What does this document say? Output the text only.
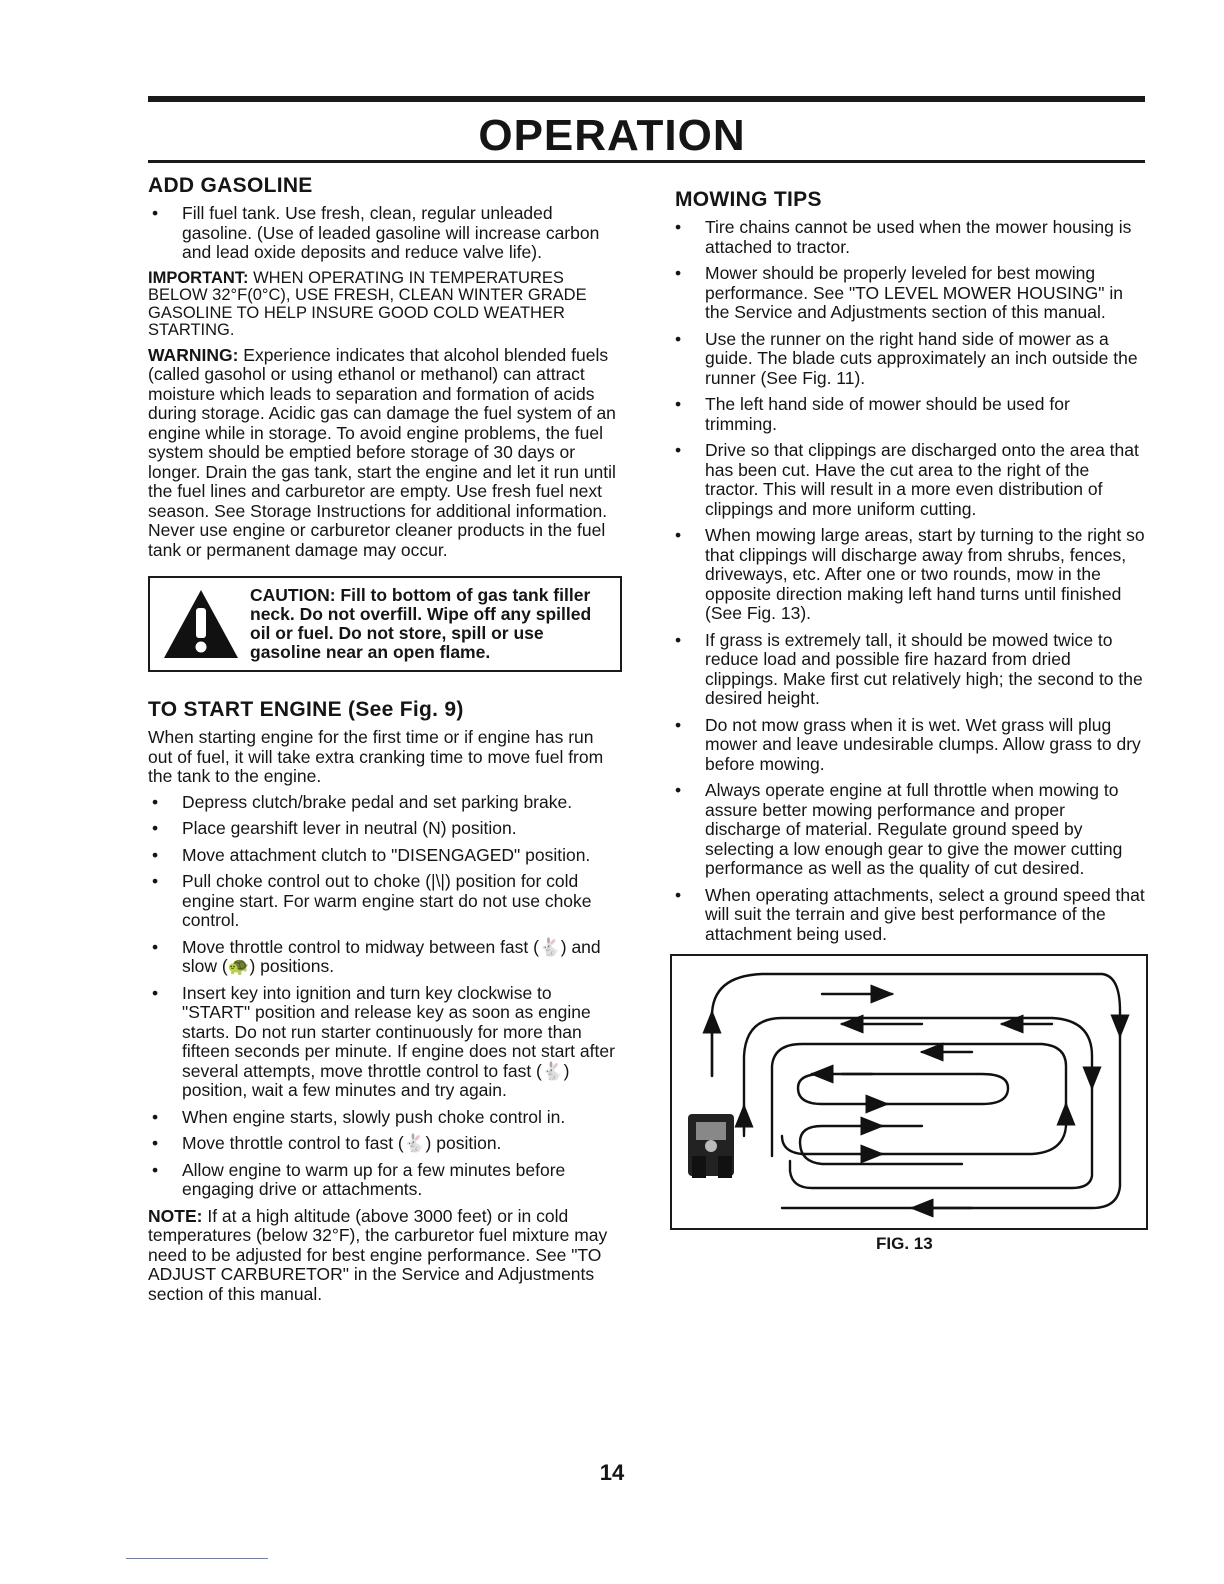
OPERATION
ADD GASOLINE
• Fill fuel tank. Use fresh, clean, regular unleaded gasoline. (Use of leaded gasoline will increase carbon and lead oxide deposits and reduce valve life).

IMPORTANT: WHEN OPERATING IN TEMPERATURES BELOW 32°F(0°C), USE FRESH, CLEAN WINTER GRADE GASOLINE TO HELP INSURE GOOD COLD WEATHER STARTING.

WARNING: Experience indicates that alcohol blended fuels (called gasohol or using ethanol or methanol) can attract moisture which leads to separation and formation of acids during storage. Acidic gas can damage the fuel system of an engine while in storage. To avoid engine problems, the fuel system should be emptied before storage of 30 days or longer. Drain the gas tank, start the engine and let it run until the fuel lines and carburetor are empty. Use fresh fuel next season. See Storage Instructions for additional information. Never use engine or carburetor cleaner products in the fuel tank or permanent damage may occur.

CAUTION: Fill to bottom of gas tank filler neck. Do not overfill. Wipe off any spilled oil or fuel. Do not store, spill or use gasoline near an open flame.
TO START ENGINE (See Fig. 9)

When starting engine for the first time or if engine has run out of fuel, it will take extra cranking time to move fuel from the tank to the engine.

• Depress clutch/brake pedal and set parking brake.
• Place gearshift lever in neutral (N) position.
• Move attachment clutch to "DISENGAGED" position.
• Pull choke control out to choke (|\|) position for cold engine start. For warm engine start do not use choke control.
• Move throttle control to midway between fast (🐇) and slow (🐢) positions.
• Insert key into ignition and turn key clockwise to "START" position and release key as soon as engine starts. Do not run starter continuously for more than fifteen seconds per minute. If engine does not start after several attempts, move throttle control to fast (🐇) position, wait a few minutes and try again.
• When engine starts, slowly push choke control in.
• Move throttle control to fast (🐇) position.
• Allow engine to warm up for a few minutes before engaging drive or attachments.

NOTE: If at a high altitude (above 3000 feet) or in cold temperatures (below 32°F), the carburetor fuel mixture may need to be adjusted for best engine performance. See "TO ADJUST CARBURETOR" in the Service and Adjustments section of this manual.

MOWING TIPS
• Tire chains cannot be used when the mower housing is attached to tractor.
• Mower should be properly leveled for best mowing performance. See "TO LEVEL MOWER HOUSING" in the Service and Adjustments section of this manual.
• Use the runner on the right hand side of mower as a guide. The blade cuts approximately an inch outside the runner (See Fig. 11).
• The left hand side of mower should be used for trimming.
• Drive so that clippings are discharged onto the area that has been cut. Have the cut area to the right of the tractor. This will result in a more even distribution of clippings and more uniform cutting.
• When mowing large areas, start by turning to the right so that clippings will discharge away from shrubs, fences, driveways, etc. After one or two rounds, mow in the opposite direction making left hand turns until finished (See Fig. 13).
• If grass is extremely tall, it should be mowed twice to reduce load and possible fire hazard from dried clippings. Make first cut relatively high; the second to the desired height.
• Do not mow grass when it is wet. Wet grass will plug mower and leave undesirable clumps. Allow grass to dry before mowing.
• Always operate engine at full throttle when mowing to assure better mowing performance and proper discharge of material. Regulate ground speed by selecting a low enough gear to give the mower cutting performance as well as the quality of cut desired.
• When operating attachments, select a ground speed that will suit the terrain and give best performance of the attachment being used.
FIG. 13
14
